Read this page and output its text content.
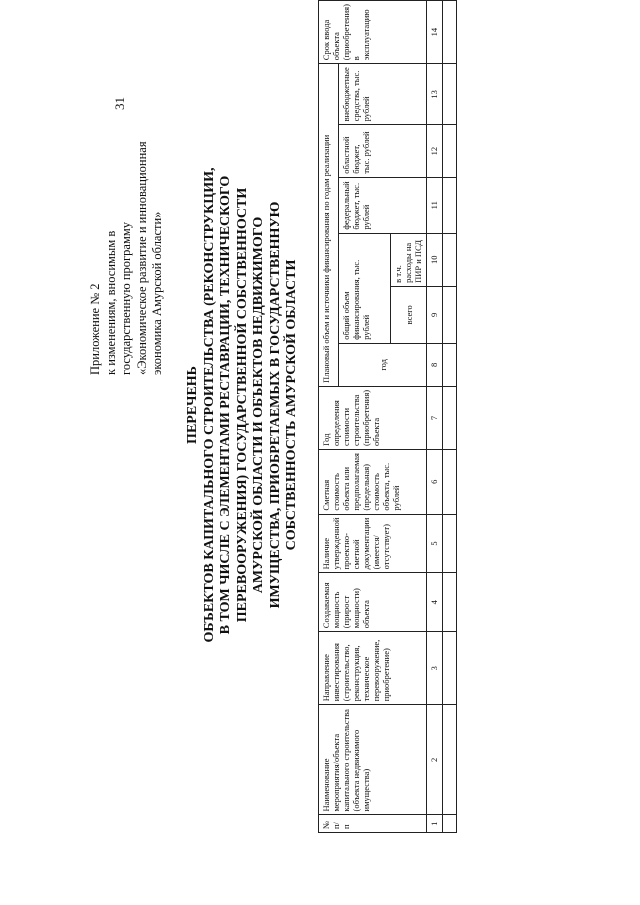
31
Приложение № 2 к изменениям, вносимым в государственную программу «Экономическое развитие и инновационная экономика Амурской области»
ПЕРЕЧЕНЬ ОБЪЕКТОВ КАПИТАЛЬНОГО СТРОИТЕЛЬСТВА (РЕКОНСТРУКЦИИ, В ТОМ ЧИСЛЕ С ЭЛЕМЕНТАМИ РЕСТАВРАЦИИ, ТЕХНИЧЕСКОГО ПЕРЕВООРУЖЕНИЯ) ГОСУДАРСТВЕННОЙ СОБСТВЕННОСТИ АМУРСКОЙ ОБЛАСТИ И ОБЪЕКТОВ НЕДВИЖИМОГО ИМУЩЕСТВА, ПРИОБРЕТАЕМЫХ В ГОСУДАРСТВЕННУЮ СОБСТВЕННОСТЬ АМУРСКОЙ ОБЛАСТИ
№ п/п	Наименование мероприятия/объекта капитального строительства (объекта недвижимого имущества)	Направление инвестирования (строительство, реконструкция, техническое перевооружение, приобретение)	Создаваемая мощность (прирост мощности) объекта	Наличие утвержденной проектно-сметной документации (имеется/отсутствует)	Сметная стоимость объекта или предполагаемая (предельная) стоимость объекта, тыс. рублей	Год определения стоимости строительства (приобретения) объекта	Плановый объем и источники финансирования по годам реализации						Срок ввода объекта (приобретения) в эксплуатацию
							год	общий объем финансирования, тыс. рублей		федеральный бюджет, тыс. рублей	областной бюджет, тыс. рублей	внебюджетные средства, тыс. рублей	
								всего	в т.ч. расходы на ПИР и ПСД				
1	2	3	4	5	6	7	8	9	10	11	12	13	14
